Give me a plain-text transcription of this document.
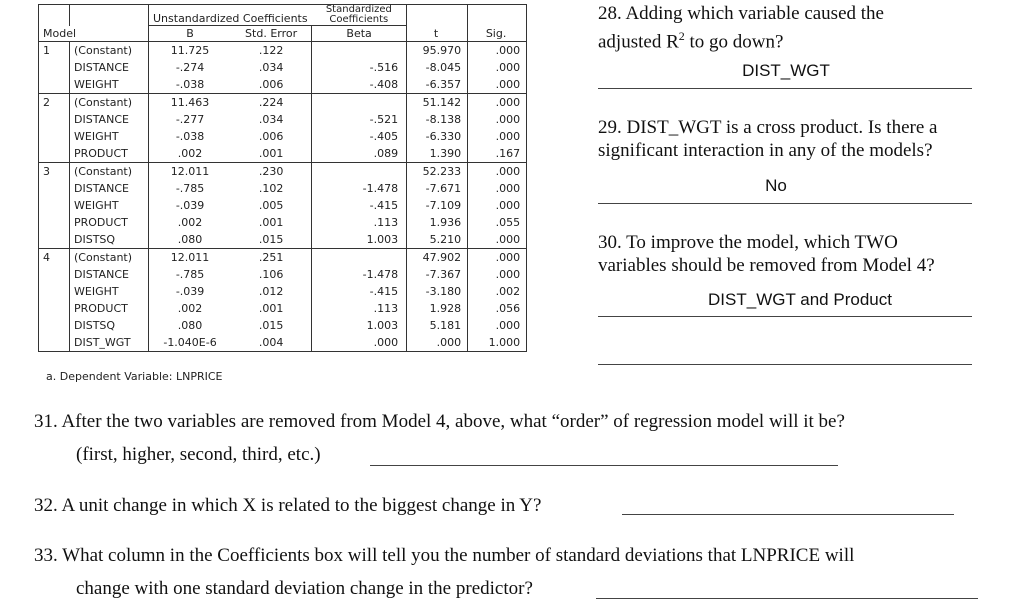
		Unstandardized Coefficients		Standardized
Coefficients		

Model		B	Std. Error	Beta	t	Sig.
1	(Constant)	11.725	.122		95.970	.000
	DISTANCE	-.274	.034	-.516	-8.045	.000
	WEIGHT	-.038	.006	-.408	-6.357	.000
2	(Constant)	11.463	.224		51.142	.000
	DISTANCE	-.277	.034	-.521	-8.138	.000
	WEIGHT	-.038	.006	-.405	-6.330	.000
	PRODUCT	.002	.001	.089	1.390	.167
3	(Constant)	12.011	.230		52.233	.000
	DISTANCE	-.785	.102	-1.478	-7.671	.000
	WEIGHT	-.039	.005	-.415	-7.109	.000
	PRODUCT	.002	.001	.113	1.936	.055
	DISTSQ	.080	.015	1.003	5.210	.000
4	(Constant)	12.011	.251		47.902	.000
	DISTANCE	-.785	.106	-1.478	-7.367	.000
	WEIGHT	-.039	.012	-.415	-3.180	.002
	PRODUCT	.002	.001	.113	1.928	.056
	DISTSQ	.080	.015	1.003	5.181	.000
	DIST_WGT	-1.040E-6	.004	.000	.000	1.000
a. Dependent Variable: LNPRICE
28. Adding which variable caused the
adjusted $R^2$ to go down?
DIST_WGT
29. DIST_WGT is a cross product. Is there a
significant interaction in any of the models?
No
30. To improve the model, which TWO
variables should be removed from Model 4?
DIST_WGT and Product
31. After the two variables are removed from Model 4, above, what “order” of regression model will it be?
(first, higher, second, third, etc.)
32. A unit change in which X is related to the biggest change in Y?
33. What column in the Coefficients box will tell you the number of standard deviations that LNPRICE will
change with one standard deviation change in the predictor?
